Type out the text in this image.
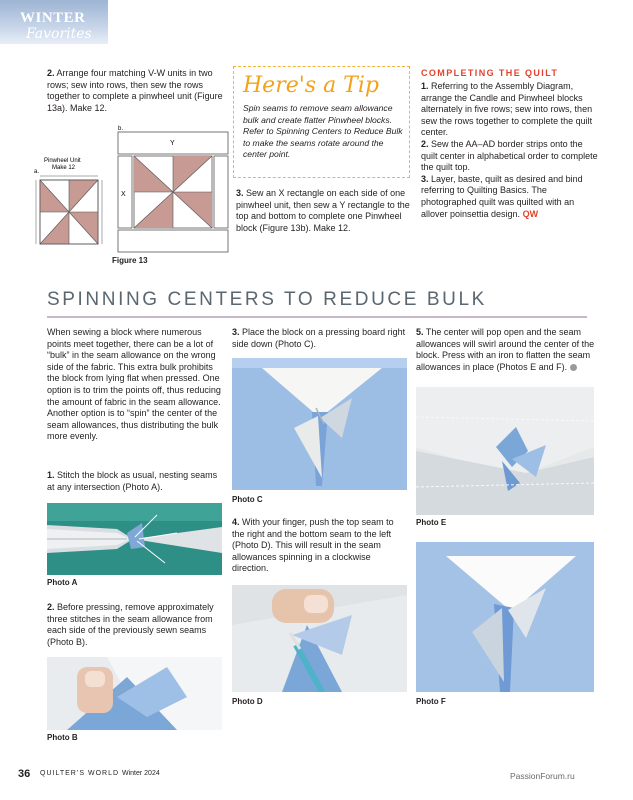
WINTER
Favorites
2. Arrange four matching V-W units in two rows; sew into rows, then sew the rows together to complete a pinwheel unit (Figure 13a). Make 12.
a.
Pinwheel Unit
Make 12
b.
Y
X
Figure 13
Here's a Tip
Spin seams to remove seam allowance bulk and create flatter Pinwheel blocks. Refer to Spinning Centers to Reduce Bulk to make the seams rotate around the center point.
3. Sew an X rectangle on each side of one pinwheel unit, then sew a Y rectangle to the top and bottom to complete one Pinwheel block (Figure 13b). Make 12.
COMPLETING THE QUILT
1. Referring to the Assembly Diagram, arrange the Candle and Pinwheel blocks alternately in five rows; sew into rows, then sew the rows together to complete the quilt center.
2. Sew the AA–AD border strips onto the quilt center in alphabetical order to complete the quilt top.
3. Layer, baste, quilt as desired and bind referring to Quilting Basics. The photographed quilt was quilted with an allover poinsettia design. QW
SPINNING CENTERS TO REDUCE BULK
When sewing a block where numerous points meet together, there can be a lot of “bulk” in the seam allowance on the wrong side of the fabric. This extra bulk prohibits the block from lying flat when pressed. One option is to trim the points off, thus reducing the amount of fabric in the seam allowance. Another option is to “spin” the center of the seam allowances, thus distributing the bulk more evenly.
1. Stitch the block as usual, nesting seams at any intersection (Photo A).
Photo A
2. Before pressing, remove approximately three stitches in the seam allowance from each side of the previously sewn seams (Photo B).
Photo B
3. Place the block on a pressing board right side down (Photo C).
Photo C
4. With your finger, push the top seam to the right and the bottom seam to the left (Photo D). This will result in the seam allowances spinning in a clockwise direction.
Photo D
5. The center will pop open and the seam allowances will swirl around the center of the block. Press with an iron to flatten the seam allowances in place (Photos E and F).
Photo E
Photo F
36 QUILTER’S WORLD Winter 2024	PassionForum.ru
